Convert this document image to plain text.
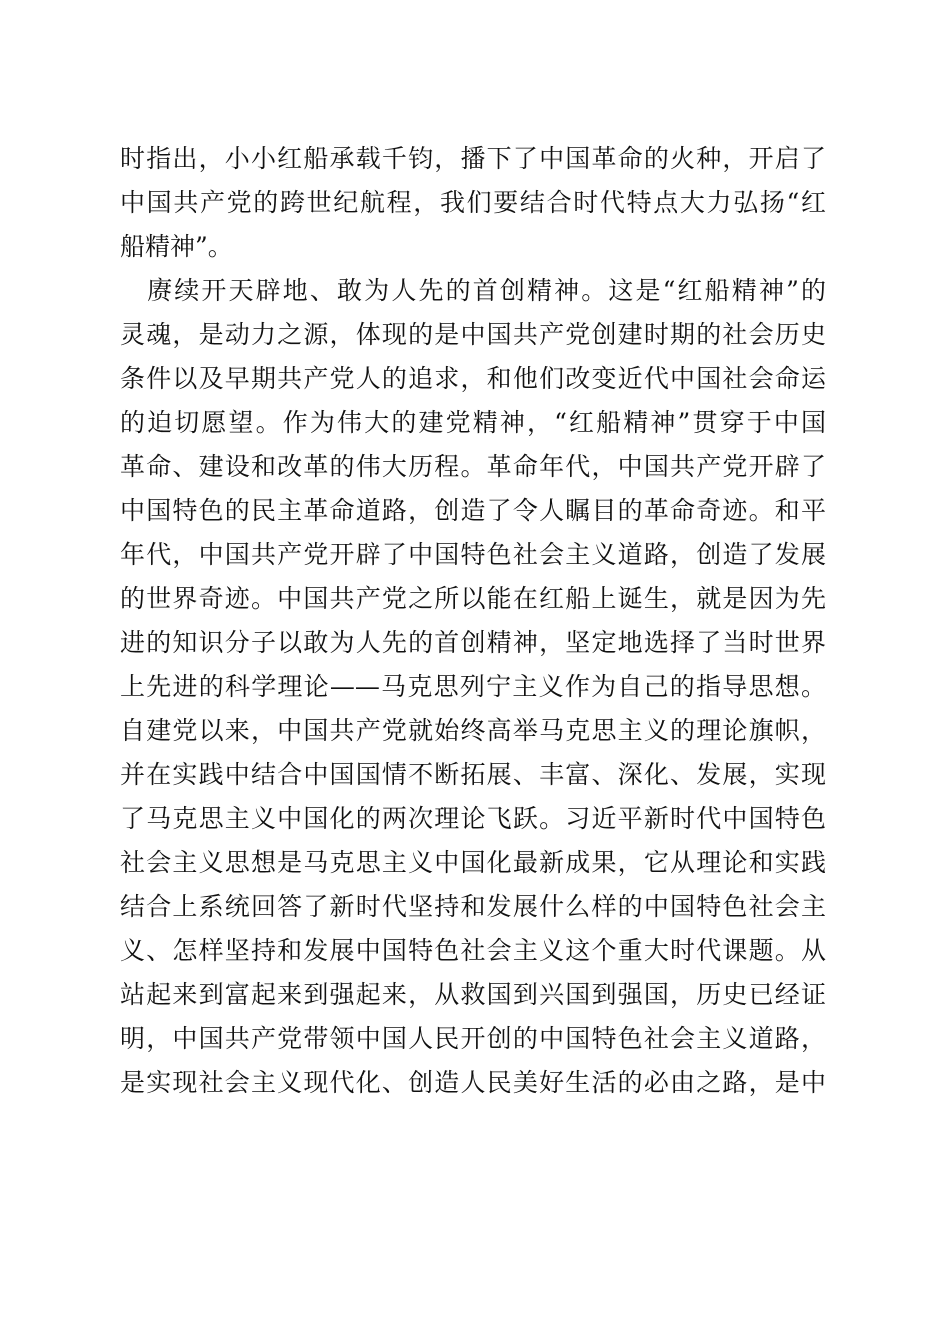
时指出，小小红船承载千钧，播下了中国革命的火种，开启了
中国共产党的跨世纪航程，我们要结合时代特点大力弘扬“红
船精神”。
　赓续开天辟地、敢为人先的首创精神。这是“红船精神”的
灵魂，是动力之源，体现的是中国共产党创建时期的社会历史
条件以及早期共产党人的追求，和他们改变近代中国社会命运
的迫切愿望。作为伟大的建党精神，“红船精神”贯穿于中国
革命、建设和改革的伟大历程。革命年代，中国共产党开辟了
中国特色的民主革命道路，创造了令人瞩目的革命奇迹。和平
年代，中国共产党开辟了中国特色社会主义道路，创造了发展
的世界奇迹。中国共产党之所以能在红船上诞生，就是因为先
进的知识分子以敢为人先的首创精神，坚定地选择了当时世界
上先进的科学理论——马克思列宁主义作为自己的指导思想。
自建党以来，中国共产党就始终高举马克思主义的理论旗帜，
并在实践中结合中国国情不断拓展、丰富、深化、发展，实现
了马克思主义中国化的两次理论飞跃。习近平新时代中国特色
社会主义思想是马克思主义中国化最新成果，它从理论和实践
结合上系统回答了新时代坚持和发展什么样的中国特色社会主
义、怎样坚持和发展中国特色社会主义这个重大时代课题。从
站起来到富起来到强起来，从救国到兴国到强国，历史已经证
明，中国共产党带领中国人民开创的中国特色社会主义道路，
是实现社会主义现代化、创造人民美好生活的必由之路，是中
